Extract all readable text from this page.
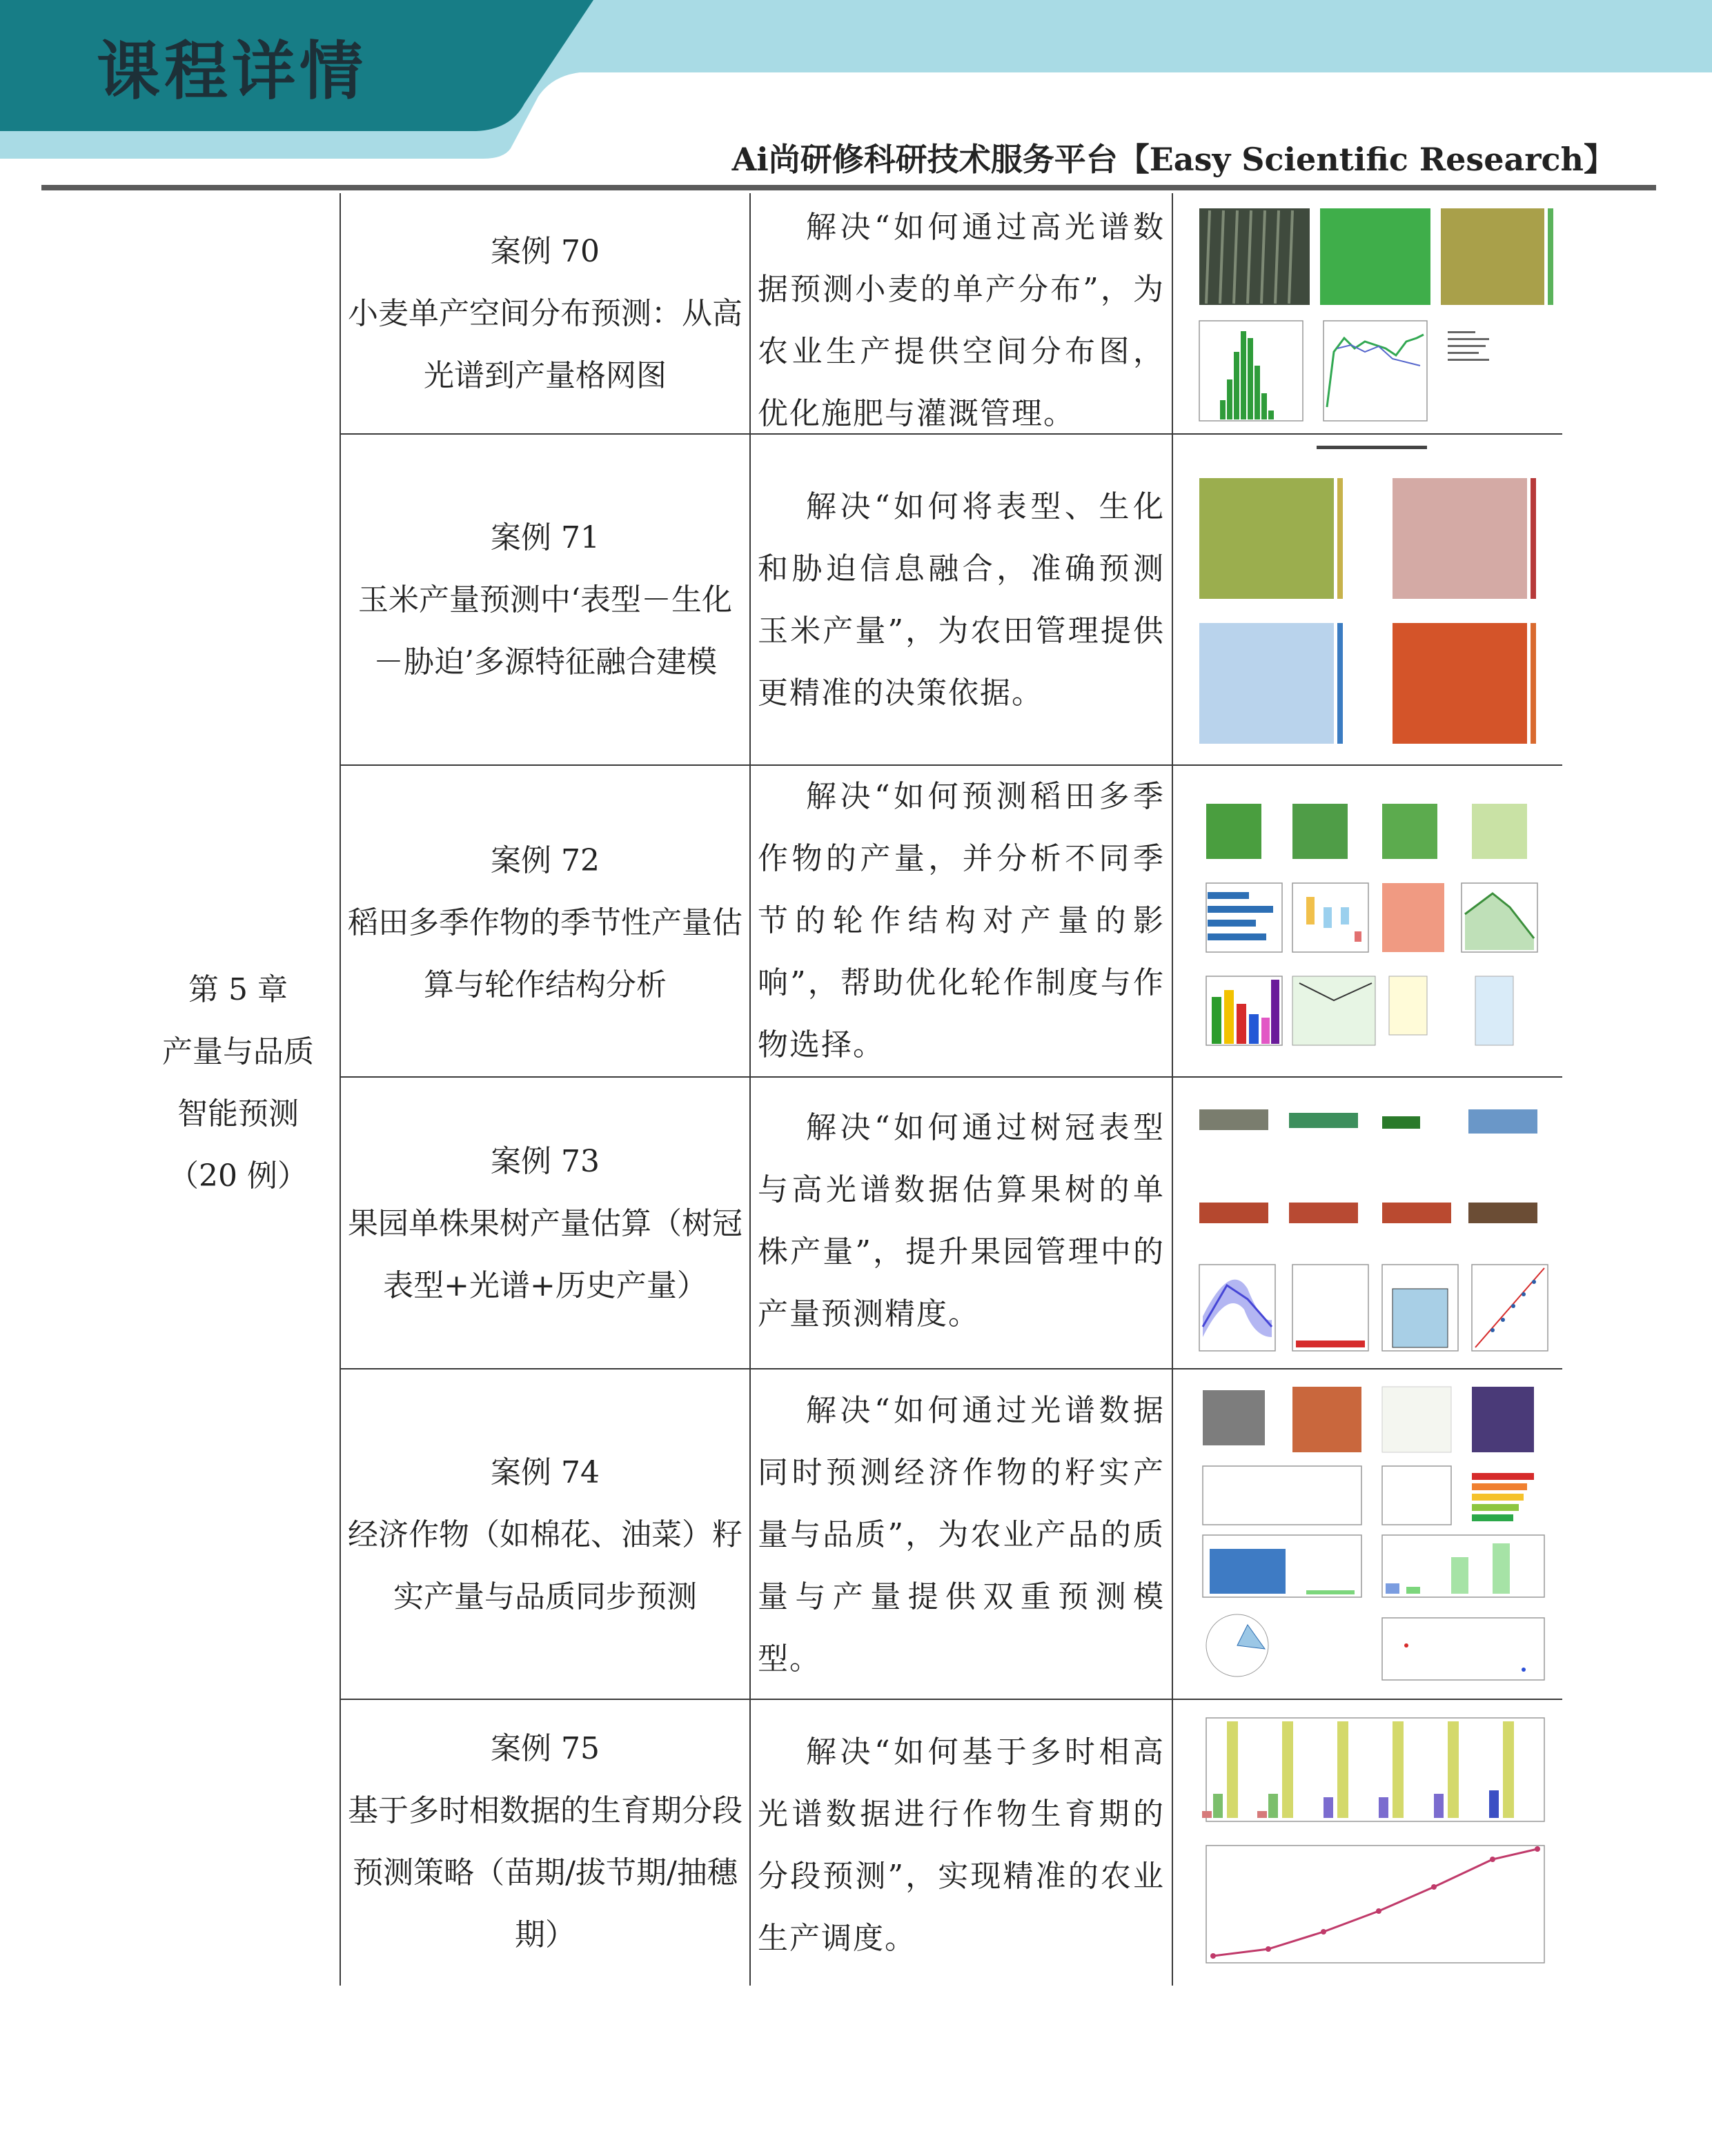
课程详情
Ai尚研修科研技术服务平台【Easy Scientific Research】
第 5 章
产量与品质
智能预测
（20 例）
案例 70
小麦单产空间分布预测：从高光谱到产量格网图
解决“如何通过高光谱数据预测小麦的单产分布”，为农业生产提供空间分布图，优化施肥与灌溉管理。
案例 71
玉米产量预测中‘表型－生化－胁迫’多源特征融合建模
解决“如何将表型、生化和胁迫信息融合，准确预测玉米产量”，为农田管理提供更精准的决策依据。
案例 72
稻田多季作物的季节性产量估算与轮作结构分析
解决“如何预测稻田多季作物的产量，并分析不同季节的轮作结构对产量的影响”，帮助优化轮作制度与作物选择。
案例 73
果园单株果树产量估算（树冠表型+光谱+历史产量）
解决“如何通过树冠表型与高光谱数据估算果树的单株产量”，提升果园管理中的产量预测精度。
案例 74
经济作物（如棉花、油菜）籽实产量与品质同步预测
解决“如何通过光谱数据同时预测经济作物的籽实产量与品质”，为农业产品的质量与产量提供双重预测模型。
案例 75
基于多时相数据的生育期分段预测策略（苗期/拔节期/抽穗期）
解决“如何基于多时相高光谱数据进行作物生育期的分段预测”，实现精准的农业生产调度。
